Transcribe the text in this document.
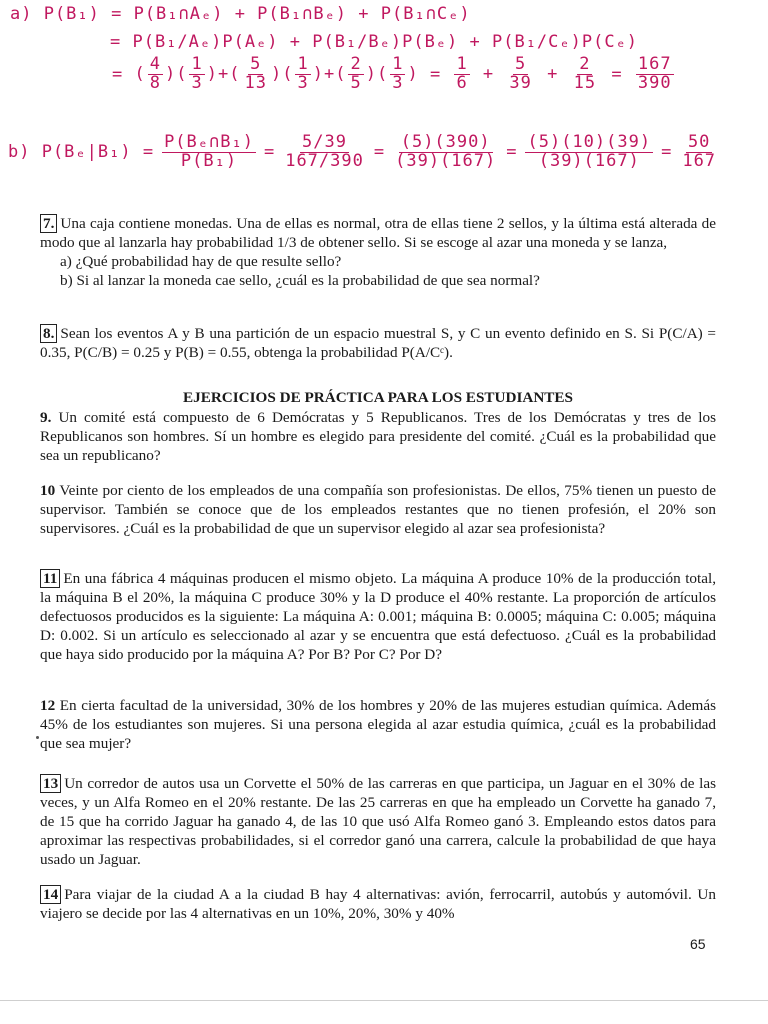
a) P(B₁) = P(B₁∩Aₑ) + P(B₁∩Bₑ) + P(B₁∩Cₑ)
= P(B₁/Aₑ)P(Aₑ) + P(B₁/Bₑ)P(Bₑ) + P(B₁/Cₑ)P(Cₑ)
= ( $\frac{4}{8}$ )( $\frac{1}{3}$ )+( $\frac{5}{13}$ )( $\frac{1}{3}$ )+( $\frac{2}{5}$ )( $\frac{1}{3}$ ) = $\frac{1}{6} + \frac{5}{39} + \frac{2}{15} = \frac{167}{390}$
b) $P(B_e|B_1) = \frac{\text{P(Bₑ∩B₁)}}{\text{P(B₁)}} = \frac{5/39}{167/390} = \frac{(5)(390)}{(39)(167)} = \frac{(5)(10)(39)}{(39)(167)} = \frac{50}{167}$
7. Una caja contiene monedas. Una de ellas es normal, otra de ellas tiene 2 sellos, y la última está alterada de modo que al lanzarla hay probabilidad 1/3 de obtener sello. Si se escoge al azar una moneda y se lanza,
a) ¿Qué probabilidad hay de que resulte sello?
b) Si al lanzar la moneda cae sello, ¿cuál es la probabilidad de que sea normal?
8. Sean los eventos A y B una partición de un espacio muestral S, y C un evento definido en S. Si P(C/A) = 0.35, P(C/B) = 0.25 y P(B) = 0.55, obtenga la probabilidad P(A/Cᶜ).
EJERCICIOS DE PRÁCTICA PARA LOS ESTUDIANTES
9. Un comité está compuesto de 6 Demócratas y 5 Republicanos. Tres de los Demócratas y tres de los Republicanos son hombres. Sí un hombre es elegido para presidente del comité. ¿Cuál es la probabilidad que sea un republicano?
10 Veinte por ciento de los empleados de una compañía son profesionistas. De ellos, 75% tienen un puesto de supervisor. También se conoce que de los empleados restantes que no tienen profesión, el 20% son supervisores. ¿Cuál es la probabilidad de que un supervisor elegido al azar sea profesionista?
11 En una fábrica 4 máquinas producen el mismo objeto. La máquina A produce 10% de la producción total, la máquina B el 20%, la máquina C produce 30% y la D produce el 40% restante. La proporción de artículos defectuosos producidos es la siguiente: La máquina A: 0.001; máquina B: 0.0005; máquina C: 0.005; máquina D: 0.002. Si un artículo es seleccionado al azar y se encuentra que está defectuoso. ¿Cuál es la probabilidad que haya sido producido por la máquina A? Por B? Por C? Por D?
12 En cierta facultad de la universidad, 30% de los hombres y 20% de las mujeres estudian química. Además 45% de los estudiantes son mujeres. Si una persona elegida al azar estudia química, ¿cuál es la probabilidad que sea mujer?
13 Un corredor de autos usa un Corvette el 50% de las carreras en que participa, un Jaguar en el 30% de las veces, y un Alfa Romeo en el 20% restante. De las 25 carreras en que ha empleado un Corvette ha ganado 7, de 15 que ha corrido Jaguar ha ganado 4, de las 10 que usó Alfa Romeo ganó 3. Empleando estos datos para aproximar las respectivas probabilidades, si el corredor ganó una carrera, calcule la probabilidad de que haya usado un Jaguar.
14 Para viajar de la ciudad A a la ciudad B hay 4 alternativas: avión, ferrocarril, autobús y automóvil. Un viajero se decide por las 4 alternativas en un 10%, 20%, 30% y 40%
65
